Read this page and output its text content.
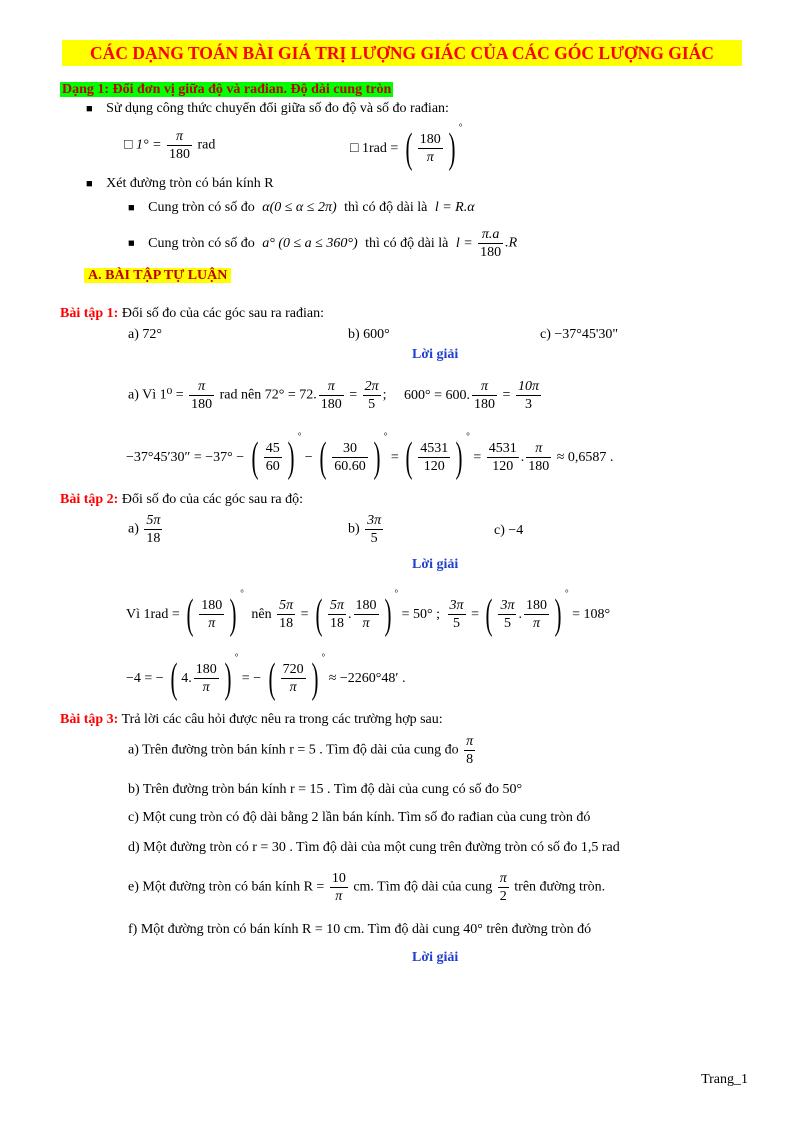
CÁC DẠNG TOÁN BÀI GIÁ TRỊ LƯỢNG GIÁC CỦA CÁC GÓC LƯỢNG GIÁC
Dạng 1: Đổi đơn vị giữa độ và rađian. Độ dài cung tròn
■ Sử dụng công thức chuyển đổi giữa số đo độ và số đo rađian:
□ $1^\circ = \frac{\pi}{180}$ rad	□ 1rad = ( $\frac{180}{\pi}$ ) °
■ Xét đường tròn có bán kính R
■ Cung tròn có số đo α(0 ≤ α ≤ 2π) thì có độ dài là l = R.α
■ Cung tròn có số đo a° (0 ≤ a ≤ 360°) thì có độ dài là $l = \frac{\pi.a}{180} .R$
A. BÀI TẬP TỰ LUẬN
Bài tập 1: Đổi số đo của các góc sau ra rađian:
a) 72°	b) 600°	c) −37°45'30"
Lời giải
a) Vì $1^0 = \frac{\pi}{180}$ rad nên 72° = 72. $\frac{\pi}{180} = \frac{2\pi}{5}$ ; 600° = 600. $\frac{\pi}{180} = \frac{10\pi}{3}$
−37°45′30″ = −37° − ( $\frac{45}{60}$ ) ° − ( $\frac{30}{60.60}$ ) ° = ( $\frac{4531}{120}$ ) $^\circ = \frac{4531}{120}$ . $\frac{\pi}{180} \approx 0,6587$ .
Bài tập 2: Đổi số đo của các góc sau ra độ:
$a) \frac{5\pi}{18}$	$b) \frac{3\pi}{5}$	c) −4
Lời giải
Vì 1rad = ( $\frac{180}{\pi}$ ) ° nên $\frac{5\pi}{18}$ = ( $\frac{5\pi}{18}$ . $\frac{180}{\pi}$ ) ° = 50° ; $\frac{3\pi}{5}$ = ( $\frac{3\pi}{5}$ . $\frac{180}{\pi}$ ) ° = 108°
−4 = − ( 4. $\frac{180}{\pi}$ ) ° = − ( $\frac{720}{\pi}$ ) ° ≈ −2260°48′ .
Bài tập 3: Trả lời các câu hỏi được nêu ra trong các trường hợp sau:
a) Trên đường tròn bán kính r = 5 . Tìm độ dài của cung đo $\frac{\pi}{8}$
b) Trên đường tròn bán kính r = 15 . Tìm độ dài của cung có số đo 50°
c) Một cung tròn có độ dài bằng 2 lần bán kính. Tìm số đo rađian của cung tròn đó
d) Một đường tròn có r = 30 . Tìm độ dài của một cung trên đường tròn có số đo 1,5 rad
e) Một đường tròn có bán kính $R = \frac{10}{\pi}$ cm. Tìm độ dài của cung $\frac{\pi}{2}$ trên đường tròn.
f) Một đường tròn có bán kính R = 10 cm. Tìm độ dài cung 40° trên đường tròn đó
Lời giải
Trang_1
